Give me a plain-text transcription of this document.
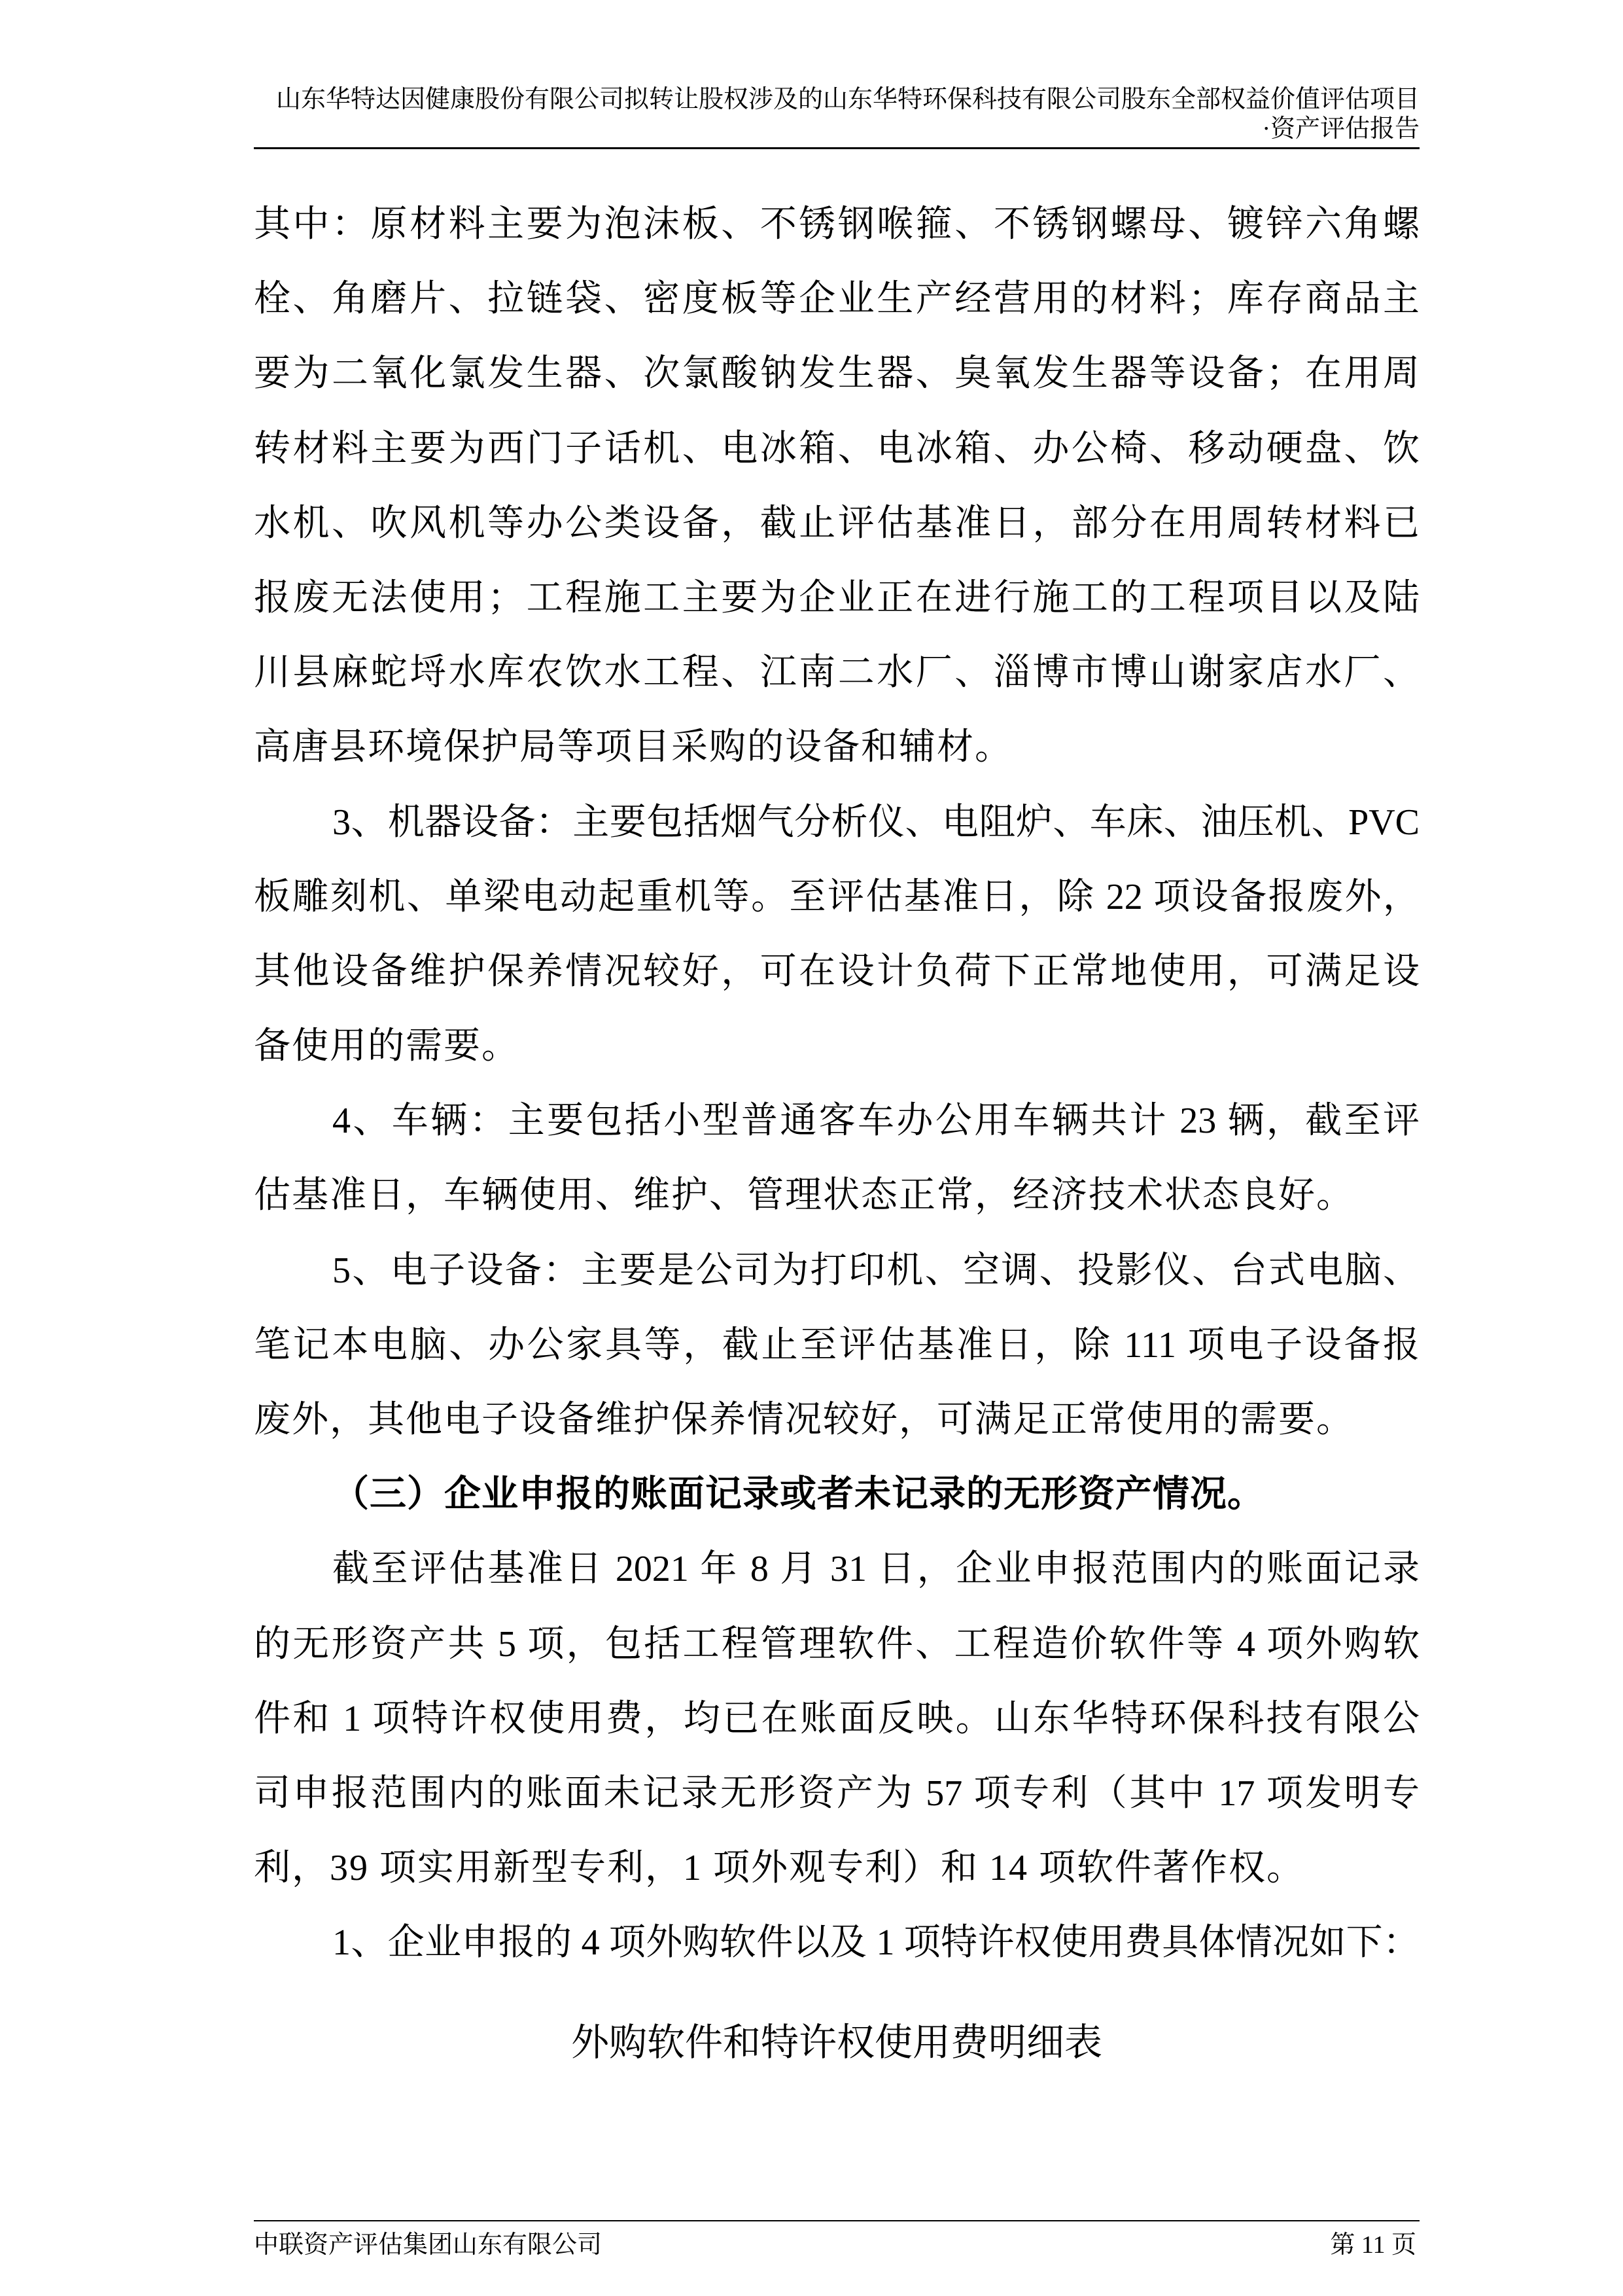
山东华特达因健康股份有限公司拟转让股权涉及的山东华特环保科技有限公司股东全部权益价值评估项目
·资产评估报告
其中：原材料主要为泡沫板、不锈钢喉箍、不锈钢螺母、镀锌六角螺
栓、角磨片、拉链袋、密度板等企业生产经营用的材料；库存商品主
要为二氧化氯发生器、次氯酸钠发生器、臭氧发生器等设备；在用周
转材料主要为西门子话机、电冰箱、电冰箱、办公椅、移动硬盘、饮
水机、吹风机等办公类设备，截止评估基准日，部分在用周转材料已
报废无法使用；工程施工主要为企业正在进行施工的工程项目以及陆
川县麻蛇埒水库农饮水工程、江南二水厂、淄博市博山谢家店水厂、
高唐县环境保护局等项目采购的设备和辅材。
3、机器设备：主要包括烟气分析仪、电阻炉、车床、油压机、PVC
板雕刻机、单梁电动起重机等。至评估基准日，除 22 项设备报废外，
其他设备维护保养情况较好，可在设计负荷下正常地使用，可满足设
备使用的需要。
4、车辆：主要包括小型普通客车办公用车辆共计 23 辆，截至评
估基准日，车辆使用、维护、管理状态正常，经济技术状态良好。
5、电子设备：主要是公司为打印机、空调、投影仪、台式电脑、
笔记本电脑、办公家具等，截止至评估基准日，除 111 项电子设备报
废外，其他电子设备维护保养情况较好，可满足正常使用的需要。
（三）企业申报的账面记录或者未记录的无形资产情况。
截至评估基准日 2021 年 8 月 31 日，企业申报范围内的账面记录
的无形资产共 5 项，包括工程管理软件、工程造价软件等 4 项外购软
件和 1 项特许权使用费，均已在账面反映。山东华特环保科技有限公
司申报范围内的账面未记录无形资产为 57 项专利（其中 17 项发明专
利，39 项实用新型专利，1 项外观专利）和 14 项软件著作权。
1、企业申报的 4 项外购软件以及 1 项特许权使用费具体情况如下：
外购软件和特许权使用费明细表
中联资产评估集团山东有限公司	第 11 页
